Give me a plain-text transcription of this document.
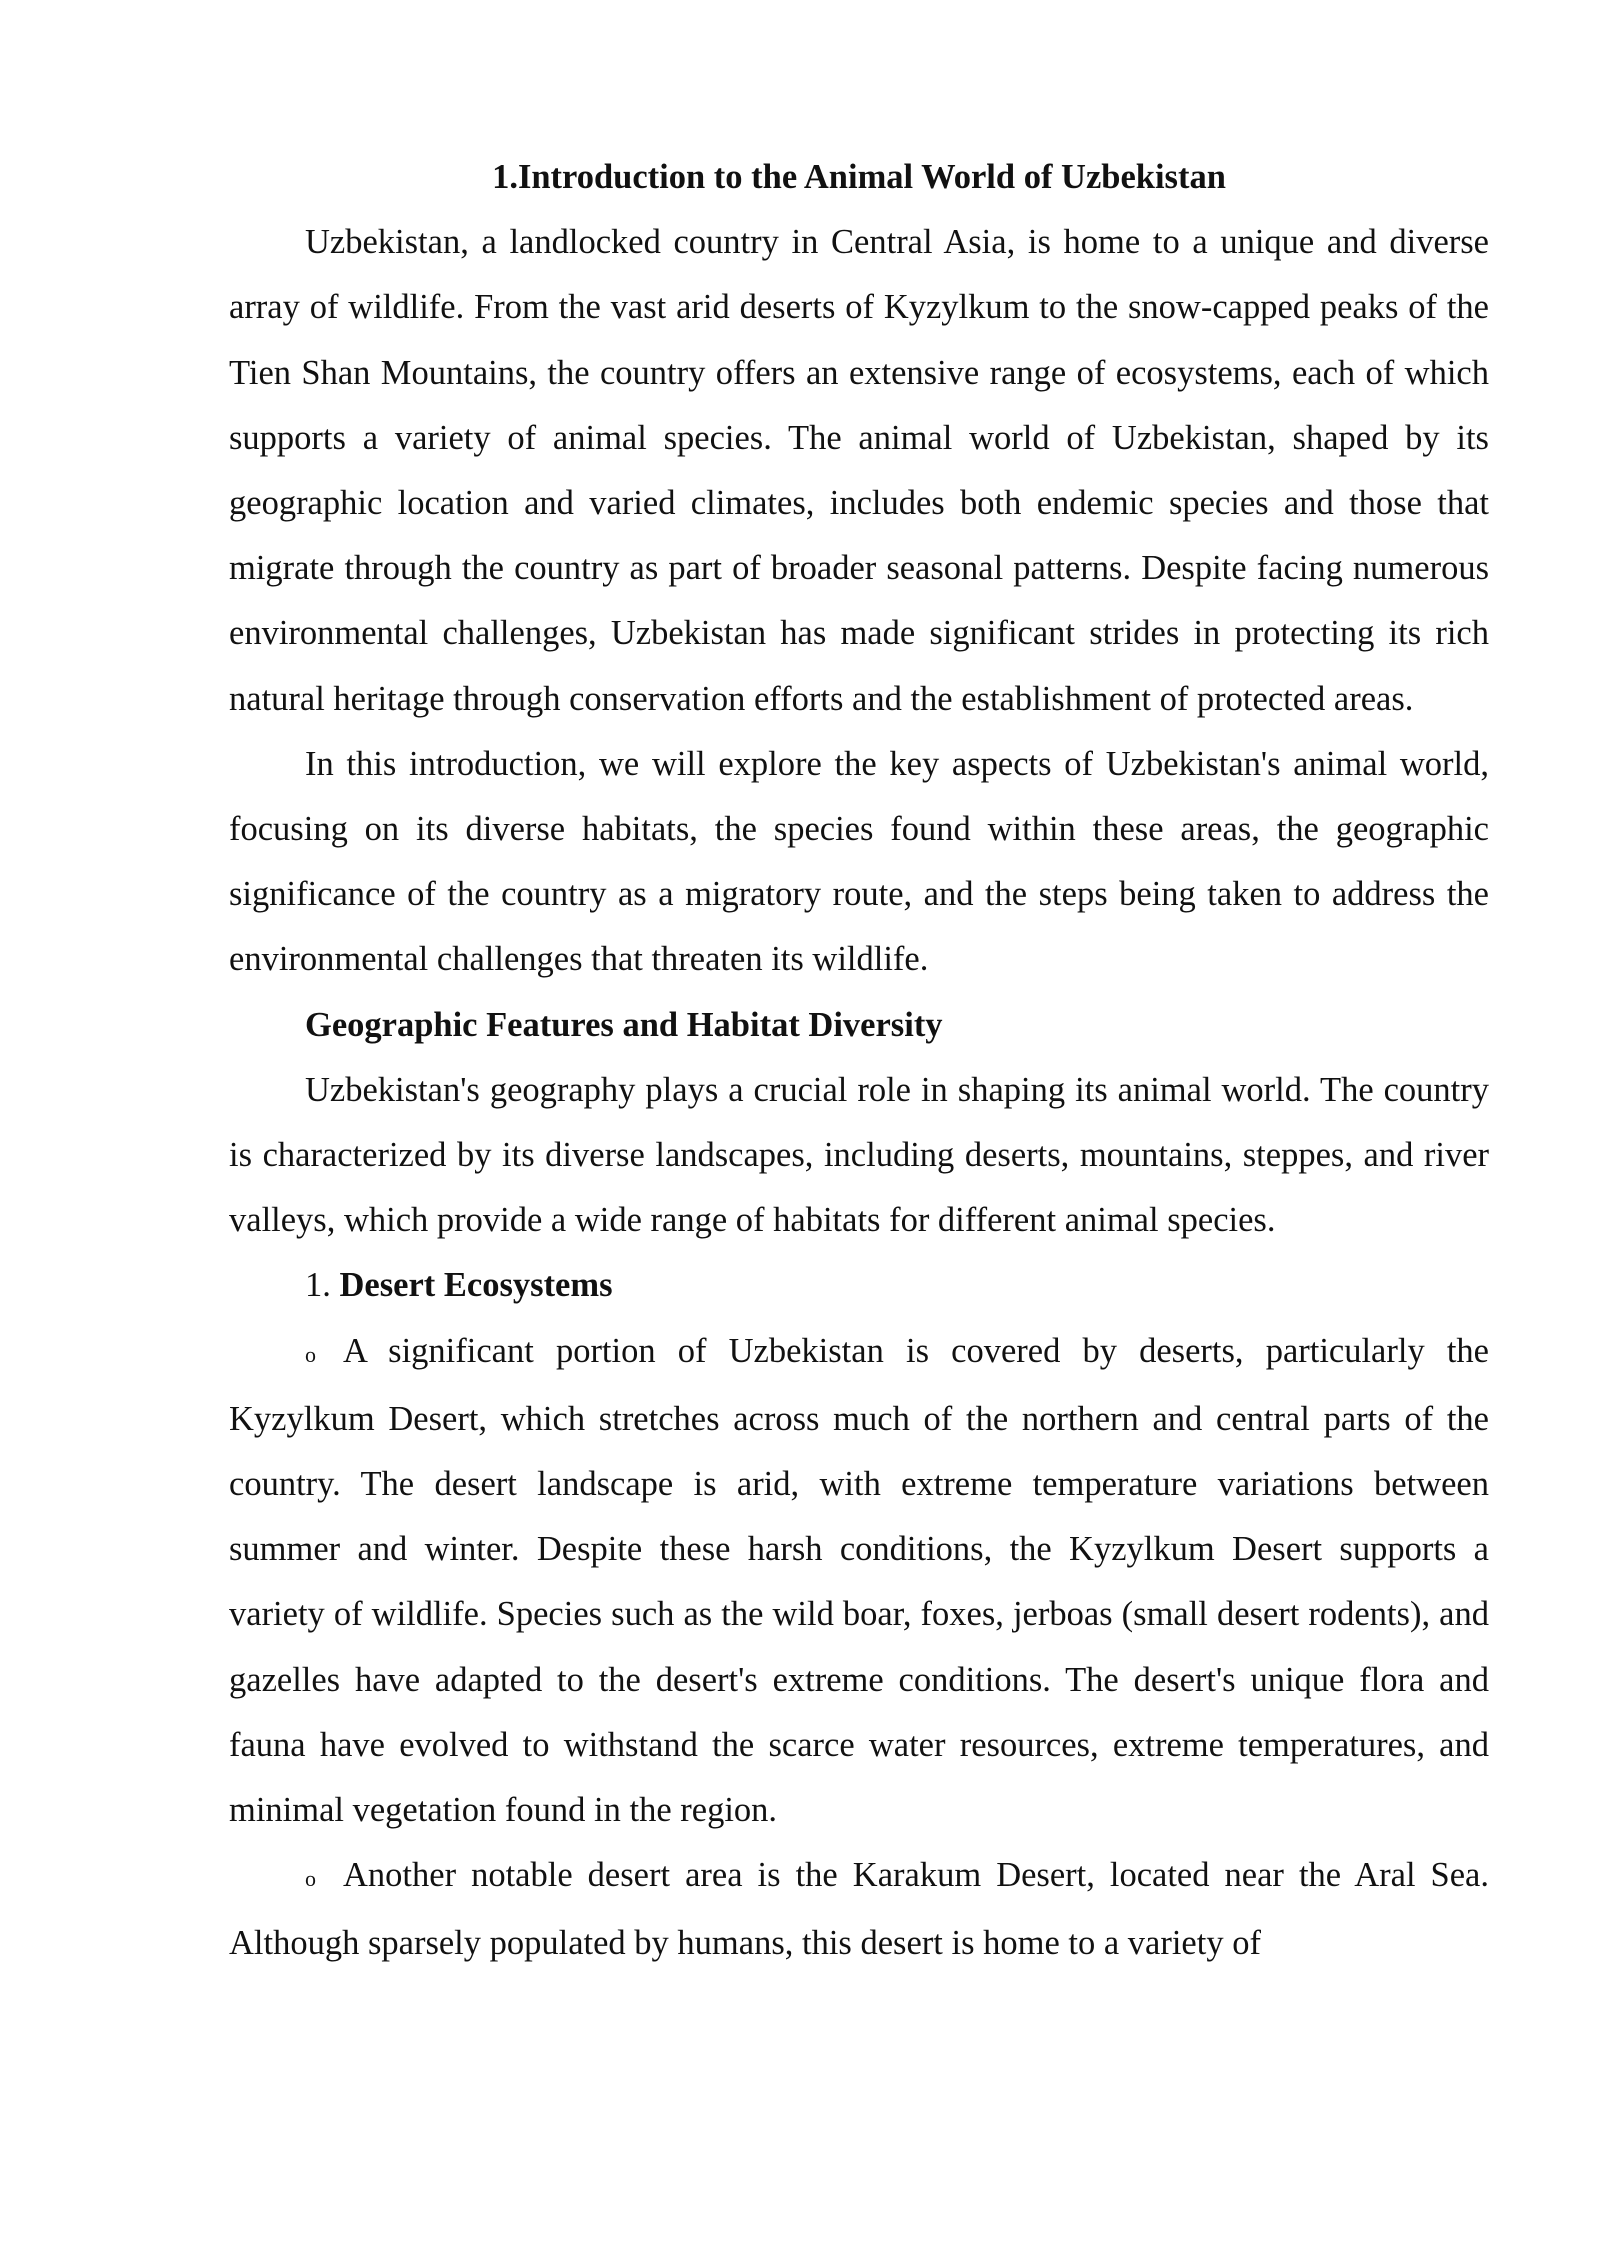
1.Introduction to the Animal World of Uzbekistan

Uzbekistan, a landlocked country in Central Asia, is home to a unique and diverse array of wildlife. From the vast arid deserts of Kyzylkum to the snow-capped peaks of the Tien Shan Mountains, the country offers an extensive range of ecosystems, each of which supports a variety of animal species. The animal world of Uzbekistan, shaped by its geographic location and varied climates, includes both endemic species and those that migrate through the country as part of broader seasonal patterns. Despite facing numerous environmental challenges, Uzbekistan has made significant strides in protecting its rich natural heritage through conservation efforts and the establishment of protected areas.

In this introduction, we will explore the key aspects of Uzbekistan's animal world, focusing on its diverse habitats, the species found within these areas, the geographic significance of the country as a migratory route, and the steps being taken to address the environmental challenges that threaten its wildlife.

Geographic Features and Habitat Diversity

Uzbekistan's geography plays a crucial role in shaping its animal world. The country is characterized by its diverse landscapes, including deserts, mountains, steppes, and river valleys, which provide a wide range of habitats for different animal species.

1. Desert Ecosystems

o A significant portion of Uzbekistan is covered by deserts, particularly the Kyzylkum Desert, which stretches across much of the northern and central parts of the country. The desert landscape is arid, with extreme temperature variations between summer and winter. Despite these harsh conditions, the Kyzylkum Desert supports a variety of wildlife. Species such as the wild boar, foxes, jerboas (small desert rodents), and gazelles have adapted to the desert's extreme conditions. The desert's unique flora and fauna have evolved to withstand the scarce water resources, extreme temperatures, and minimal vegetation found in the region.

o Another notable desert area is the Karakum Desert, located near the Aral Sea. Although sparsely populated by humans, this desert is home to a variety of
